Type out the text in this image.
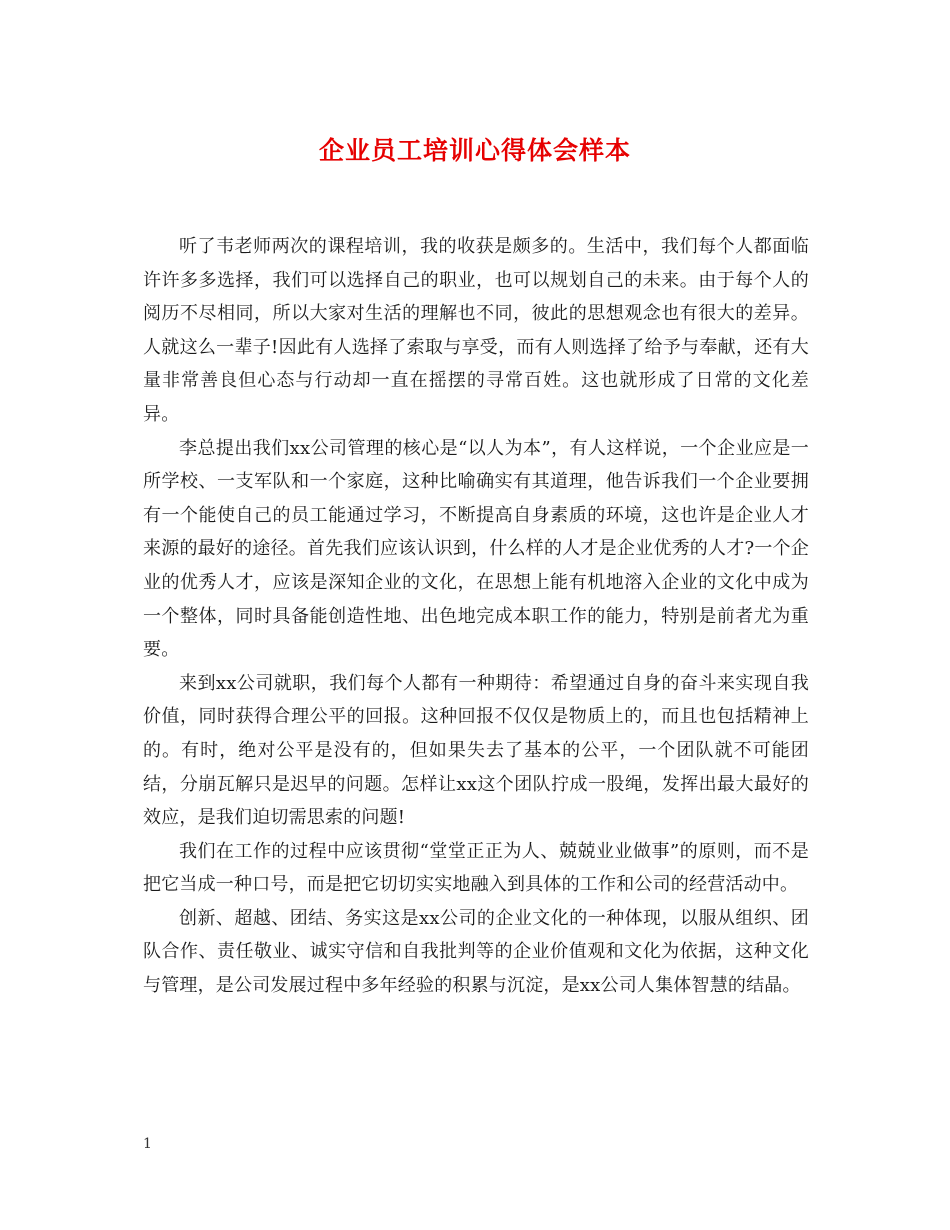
企业员工培训心得体会样本

听了韦老师两次的课程培训，我的收获是颇多的。生活中，我们每个人都面临许许多多选择，我们可以选择自己的职业，也可以规划自己的未来。由于每个人的阅历不尽相同，所以大家对生活的理解也不同，彼此的思想观念也有很大的差异。人就这么一辈子!因此有人选择了索取与享受，而有人则选择了给予与奉献，还有大量非常善良但心态与行动却一直在摇摆的寻常百姓。这也就形成了日常的文化差异。

李总提出我们xx公司管理的核心是“以人为本”，有人这样说，一个企业应是一所学校、一支军队和一个家庭，这种比喻确实有其道理，他告诉我们一个企业要拥有一个能使自己的员工能通过学习，不断提高自身素质的环境，这也许是企业人才来源的最好的途径。首先我们应该认识到，什么样的人才是企业优秀的人才?一个企业的优秀人才，应该是深知企业的文化，在思想上能有机地溶入企业的文化中成为一个整体，同时具备能创造性地、出色地完成本职工作的能力，特别是前者尤为重要。

来到xx公司就职，我们每个人都有一种期待：希望通过自身的奋斗来实现自我价值，同时获得合理公平的回报。这种回报不仅仅是物质上的，而且也包括精神上的。有时，绝对公平是没有的，但如果失去了基本的公平，一个团队就不可能团结，分崩瓦解只是迟早的问题。怎样让xx这个团队拧成一股绳，发挥出最大最好的效应，是我们迫切需思索的问题!

我们在工作的过程中应该贯彻“堂堂正正为人、兢兢业业做事”的原则，而不是把它当成一种口号，而是把它切切实实地融入到具体的工作和公司的经营活动中。

创新、超越、团结、务实这是xx公司的企业文化的一种体现，以服从组织、团队合作、责任敬业、诚实守信和自我批判等的企业价值观和文化为依据，这种文化与管理，是公司发展过程中多年经验的积累与沉淀，是xx公司人集体智慧的结晶。

1
